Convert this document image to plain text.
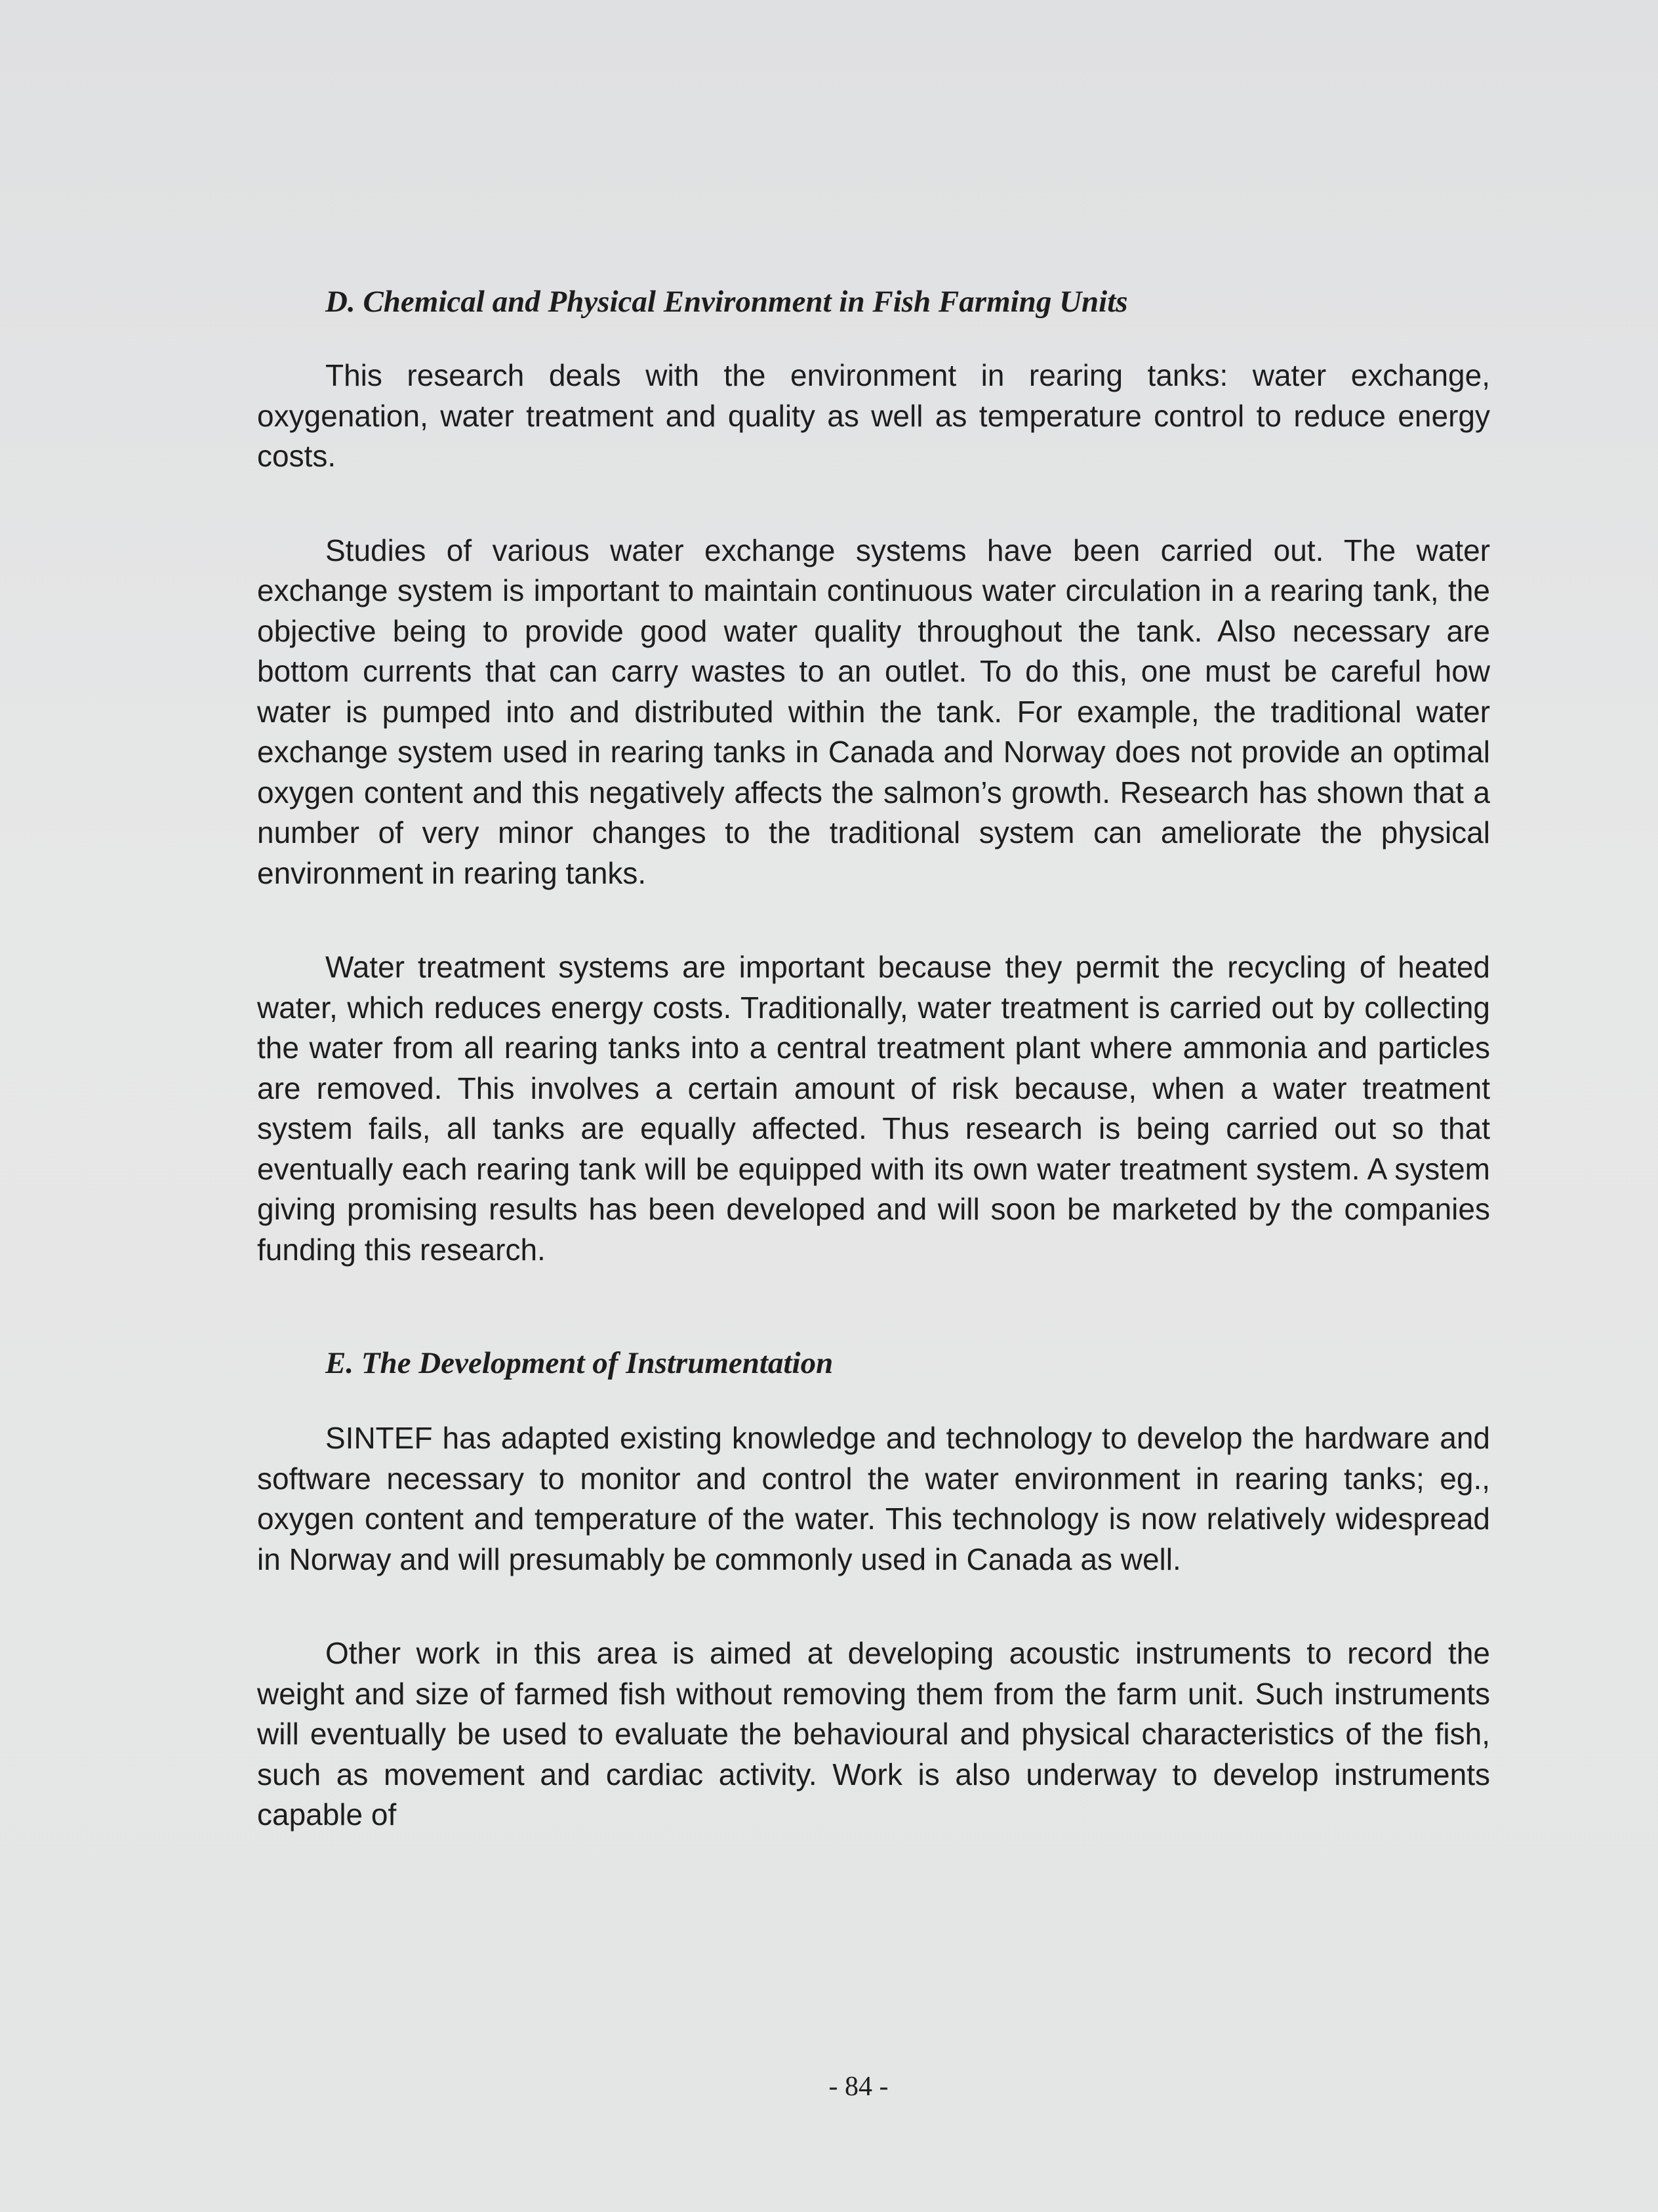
D. Chemical and Physical Environment in Fish Farming Units

This research deals with the environment in rearing tanks: water exchange, oxygenation, water treatment and quality as well as temperature control to reduce energy costs.

Studies of various water exchange systems have been carried out. The water exchange system is important to maintain continuous water circulation in a rearing tank, the objective being to provide good water quality throughout the tank. Also necessary are bottom currents that can carry wastes to an outlet. To do this, one must be careful how water is pumped into and distributed within the tank. For example, the traditional water exchange system used in rearing tanks in Canada and Norway does not provide an optimal oxygen content and this negatively affects the salmon’s growth. Research has shown that a number of very minor changes to the traditional system can ameliorate the physical environment in rearing tanks.

Water treatment systems are important because they permit the recycling of heated water, which reduces energy costs. Traditionally, water treatment is carried out by collecting the water from all rearing tanks into a central treatment plant where ammonia and particles are removed. This involves a certain amount of risk because, when a water treatment system fails, all tanks are equally affected. Thus research is being carried out so that eventually each rearing tank will be equipped with its own water treatment system. A system giving promising results has been developed and will soon be marketed by the companies funding this research.

E. The Development of Instrumentation

SINTEF has adapted existing knowledge and technology to develop the hardware and software necessary to monitor and control the water environment in rearing tanks; eg., oxygen content and temperature of the water. This technology is now relatively widespread in Norway and will presumably be commonly used in Canada as well.

Other work in this area is aimed at developing acoustic instruments to record the weight and size of farmed fish without removing them from the farm unit. Such instruments will eventually be used to evaluate the behavioural and physical characteristics of the fish, such as movement and cardiac activity. Work is also underway to develop instruments capable of

- 84 -
